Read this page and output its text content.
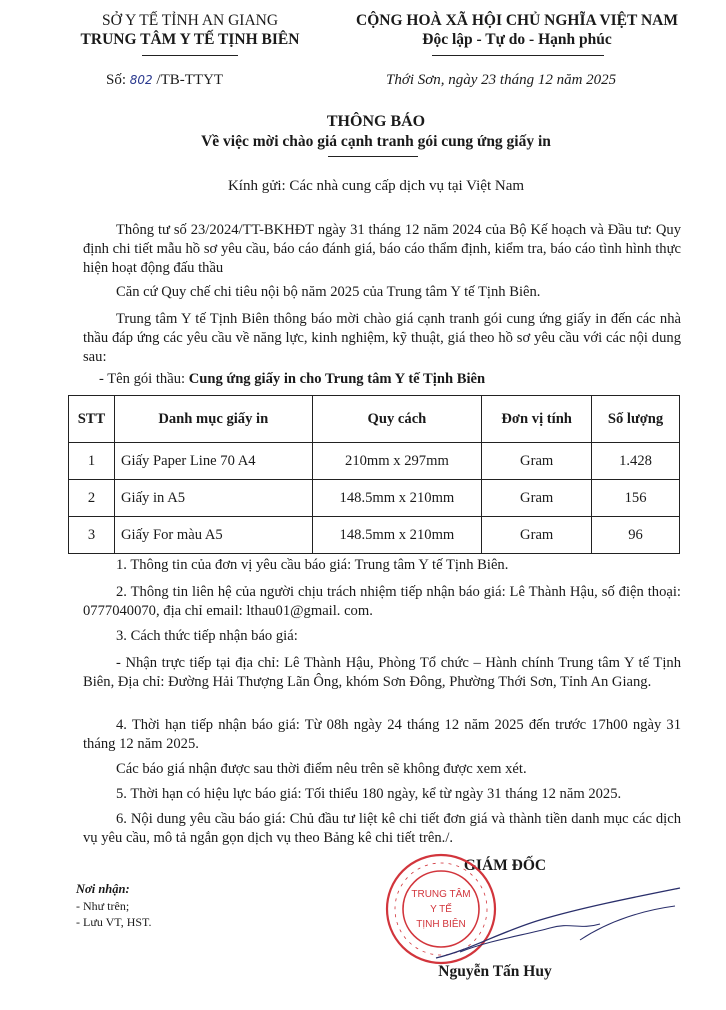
SỞ Y TẾ TỈNH AN GIANG
TRUNG TÂM Y TẾ TỊNH BIÊN
CỘNG HOÀ XÃ HỘI CHỦ NGHĨA VIỆT NAM
Độc lập - Tự do - Hạnh phúc
Số: 802 /TB-TTYT	Thới Sơn, ngày 23 tháng 12 năm 2025
THÔNG BÁO
Về việc mời chào giá cạnh tranh gói cung ứng giấy in
Kính gửi: Các nhà cung cấp dịch vụ tại Việt Nam
Thông tư số 23/2024/TT-BKHĐT ngày 31 tháng 12 năm 2024 của Bộ Kế hoạch và Đầu tư: Quy định chi tiết mẫu hồ sơ yêu cầu, báo cáo đánh giá, báo cáo thẩm định, kiểm tra, báo cáo tình hình thực hiện hoạt động đấu thầu
Căn cứ Quy chế chi tiêu nội bộ năm 2025 của Trung tâm Y tế Tịnh Biên.
Trung tâm Y tế Tịnh Biên thông báo mời chào giá cạnh tranh gói cung ứng giấy in đến các nhà thầu đáp ứng các yêu cầu về năng lực, kinh nghiệm, kỹ thuật, giá theo hồ sơ yêu cầu với các nội dung sau:
- Tên gói thầu: Cung ứng giấy in cho Trung tâm Y tế Tịnh Biên
STT	Danh mục giấy in	Quy cách	Đơn vị tính	Số lượng
1	Giấy Paper Line 70 A4	210mm x 297mm	Gram	1.428
2	Giấy in A5	148.5mm x 210mm	Gram	156
3	Giấy For màu A5	148.5mm x 210mm	Gram	96
1. Thông tin của đơn vị yêu cầu báo giá: Trung tâm Y tế Tịnh Biên.
2. Thông tin liên hệ của người chịu trách nhiệm tiếp nhận báo giá: Lê Thành Hậu, số điện thoại: 0777040070, địa chỉ email: lthau01@gmail. com.
3. Cách thức tiếp nhận báo giá:
- Nhận trực tiếp tại địa chỉ: Lê Thành Hậu, Phòng Tổ chức – Hành chính Trung tâm Y tế Tịnh Biên, Địa chỉ: Đường Hải Thượng Lãn Ông, khóm Sơn Đông, Phường Thới Sơn, Tỉnh An Giang.
4. Thời hạn tiếp nhận báo giá: Từ 08h ngày 24 tháng 12 năm 2025 đến trước 17h00 ngày 31 tháng 12 năm 2025.
Các báo giá nhận được sau thời điểm nêu trên sẽ không được xem xét.
5. Thời hạn có hiệu lực báo giá: Tối thiểu 180 ngày, kể từ ngày 31 tháng 12 năm 2025.
6. Nội dung yêu cầu báo giá: Chủ đầu tư liệt kê chi tiết đơn giá và thành tiền danh mục các dịch vụ yêu cầu, mô tả ngắn gọn dịch vụ theo Bảng kê chi tiết trên./.
Nơi nhận:
- Như trên;
- Lưu VT, HST.
GIÁM ĐỐC
TRUNG TÂM
Y TẾ
TỊNH BIÊN
Nguyễn Tấn Huy
